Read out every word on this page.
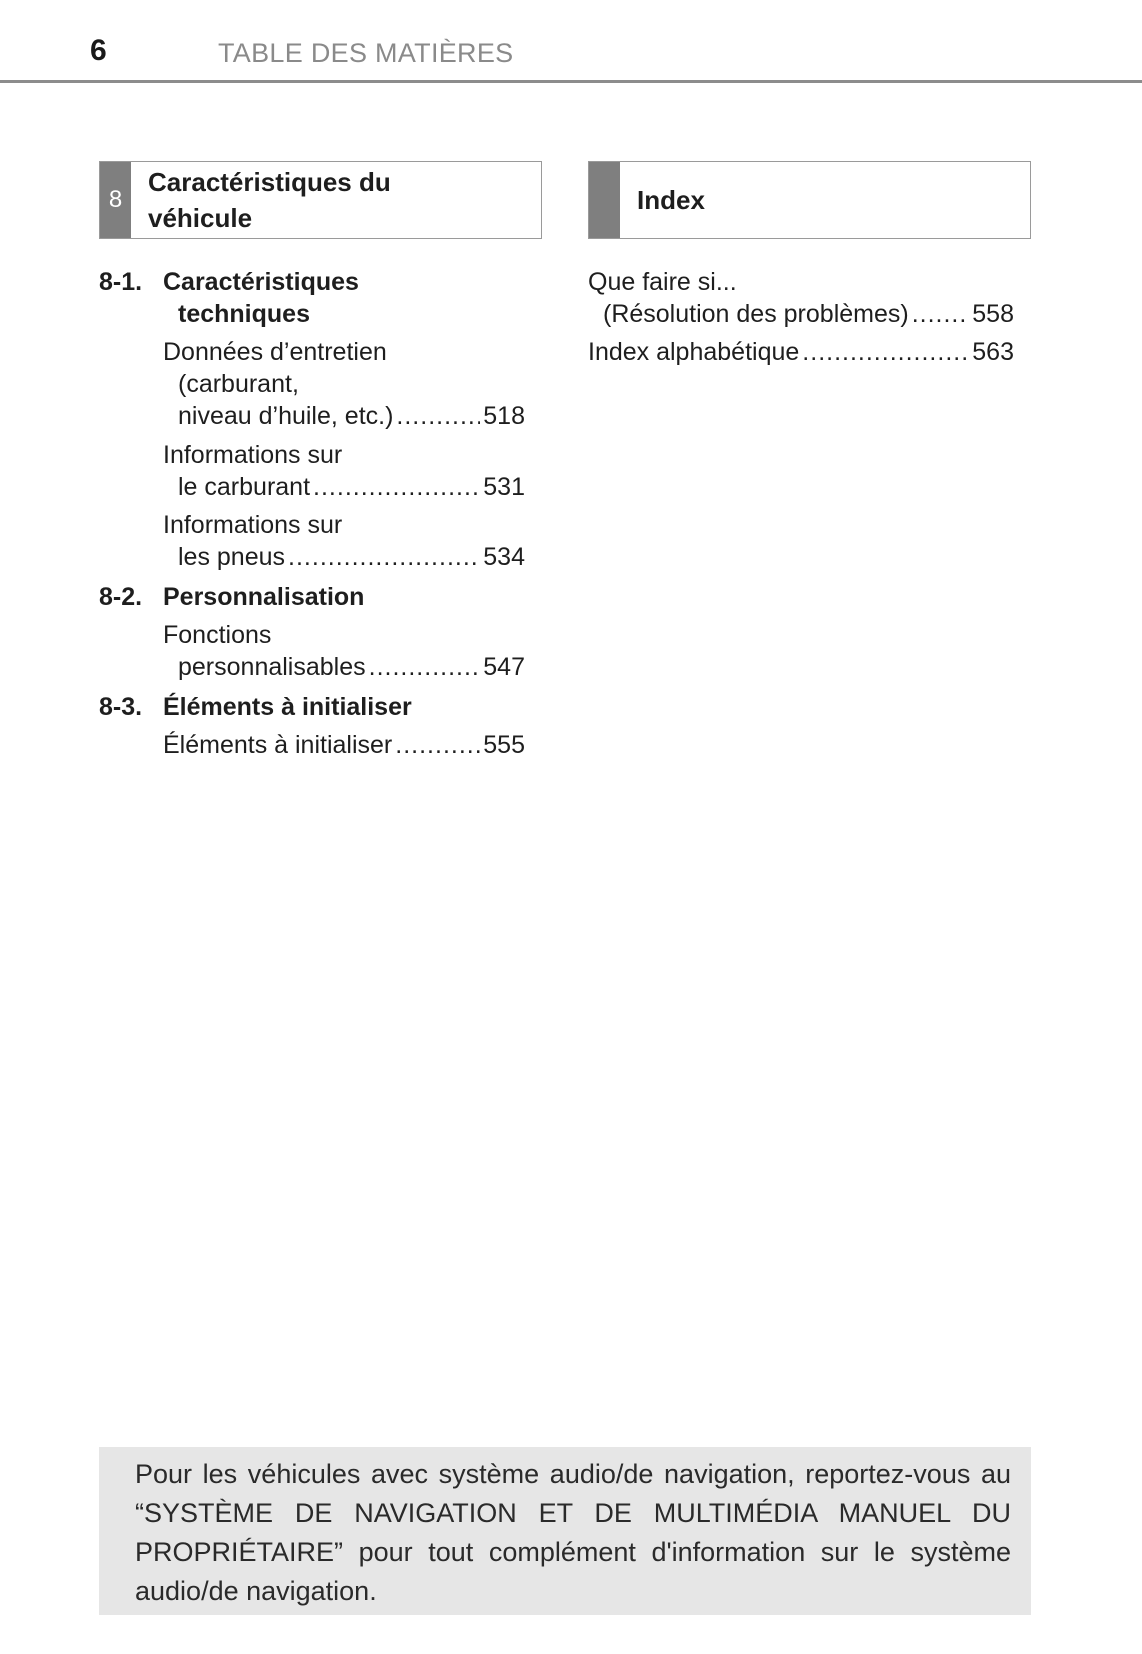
6	TABLE DES MATIÈRES
8
Caractéristiques du
véhicule
Index
8-1. Caractéristiques
techniques
Données d’entretien
(carburant,
niveau d’huile, etc.) .....	518
Informations sur
le carburant .....	531
Informations sur
les pneus .....	534
8-2. Personnalisation
Fonctions
personnalisables .....	547
8-3. Éléments à initialiser
Éléments à initialiser .....	555
Que faire si...
(Résolution des problèmes) .....	558
Index alphabétique .....	563
Pour les véhicules avec système audio/de navigation, reportez-vous au “SYSTÈME DE NAVIGATION ET DE MULTIMÉDIA MANUEL DU PROPRIÉTAIRE” pour tout complément d'information sur le système audio/de navigation.
